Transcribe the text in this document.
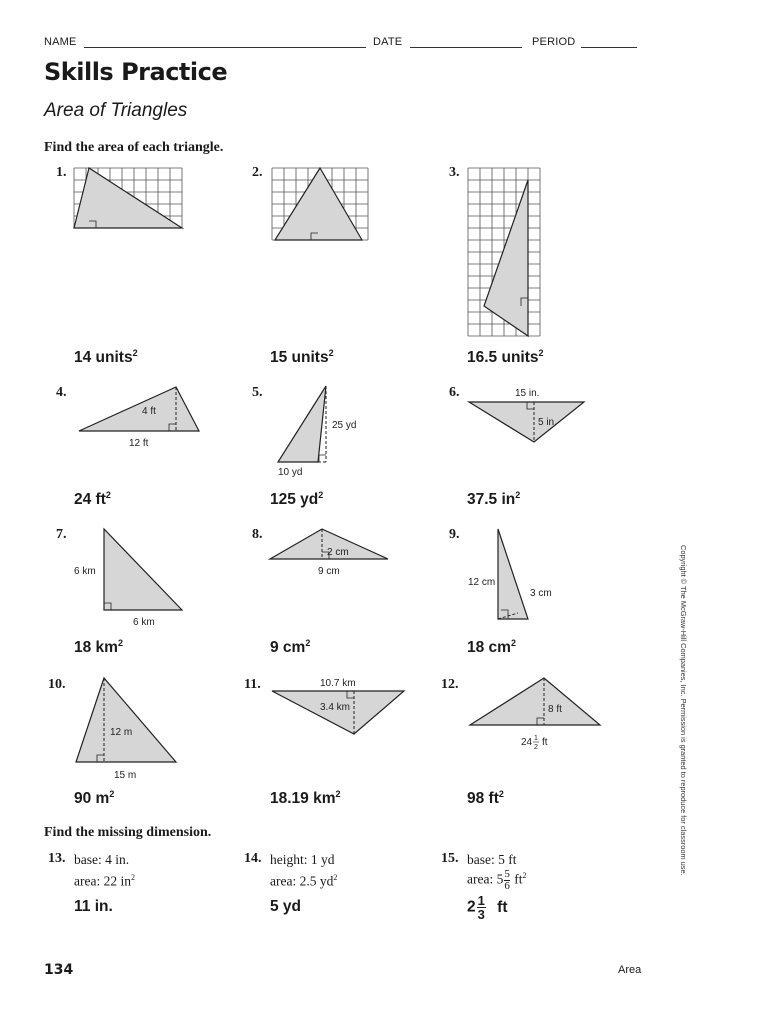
NAME	DATE	PERIOD
Skills Practice
Area of Triangles
Find the area of each triangle.
1.	2.	3.
4.	5.	6.
7.	8.	9.
10.	11.	12.
4 ft
12 ft
25 yd
10 yd
15 in.
5 in.
6 km
6 km
2 cm
9 cm
12 cm
3 cm
12 m
15 m
10.7 km
3.4 km	8 ft
24 1
2 ft
14 units$^2$	15 units$^2$	16.5 units$^2$
24 $ft^2$	125 $yd^2$	37.5 $in^2$
18 $km^2$	9 $cm^2$	18 $cm^2$
90 $m^2$	18.19 $km^2$	98 $ft^2$
Find the missing dimension.
13. base: 4 in.
area: 22 $in^2$
11 in.
14. height: 1 yd
area: 2.5 $yd^2$
5 yd
15. base: 5 ft
area: $5 \frac{5}{6} ft^2$
$2 \frac{1}{3}$ ft
134	Area
Copyright © The McGraw-Hill Companies, Inc. Permission is granted to reproduce for classroom use.
